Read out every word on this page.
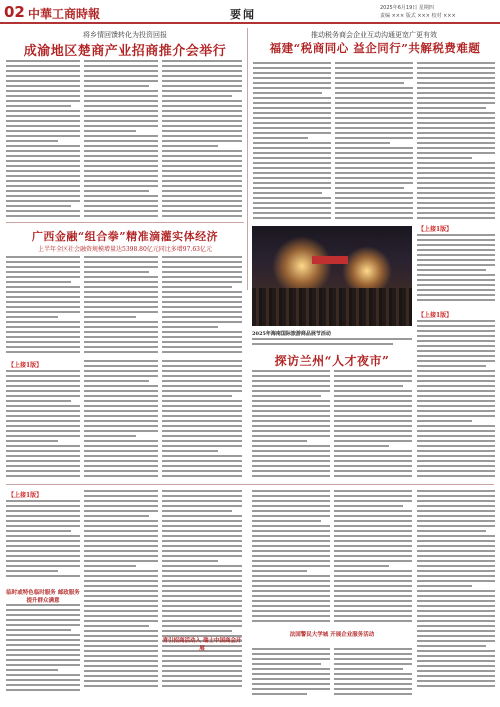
02 中華工商時報	要闻	2025年6月19日 星期四
责编 ××× 版式 ××× 校对 ×××
将乡情回馈转化为投资回报
成渝地区楚商产业招商推介会举行
推动税务商会企业互动沟通更宽广更有效
福建“税商同心 益企同行”共解税费难题
广西金融“组合拳”精准滴灌实体经济
上半年全区社会融资规模增量达5398.80亿元同比多增97.63亿元
【上接1版】
【上接1版】
【上接1版】
2025年海南国际旅游商品展节活动
探访兰州“人才夜市”
【上接1版】
临时或特色临时服务 邮政服务提升群众满意
青引招商活动入 瑞士中国商会开展
法国警民大学城 开展企业服务活动
